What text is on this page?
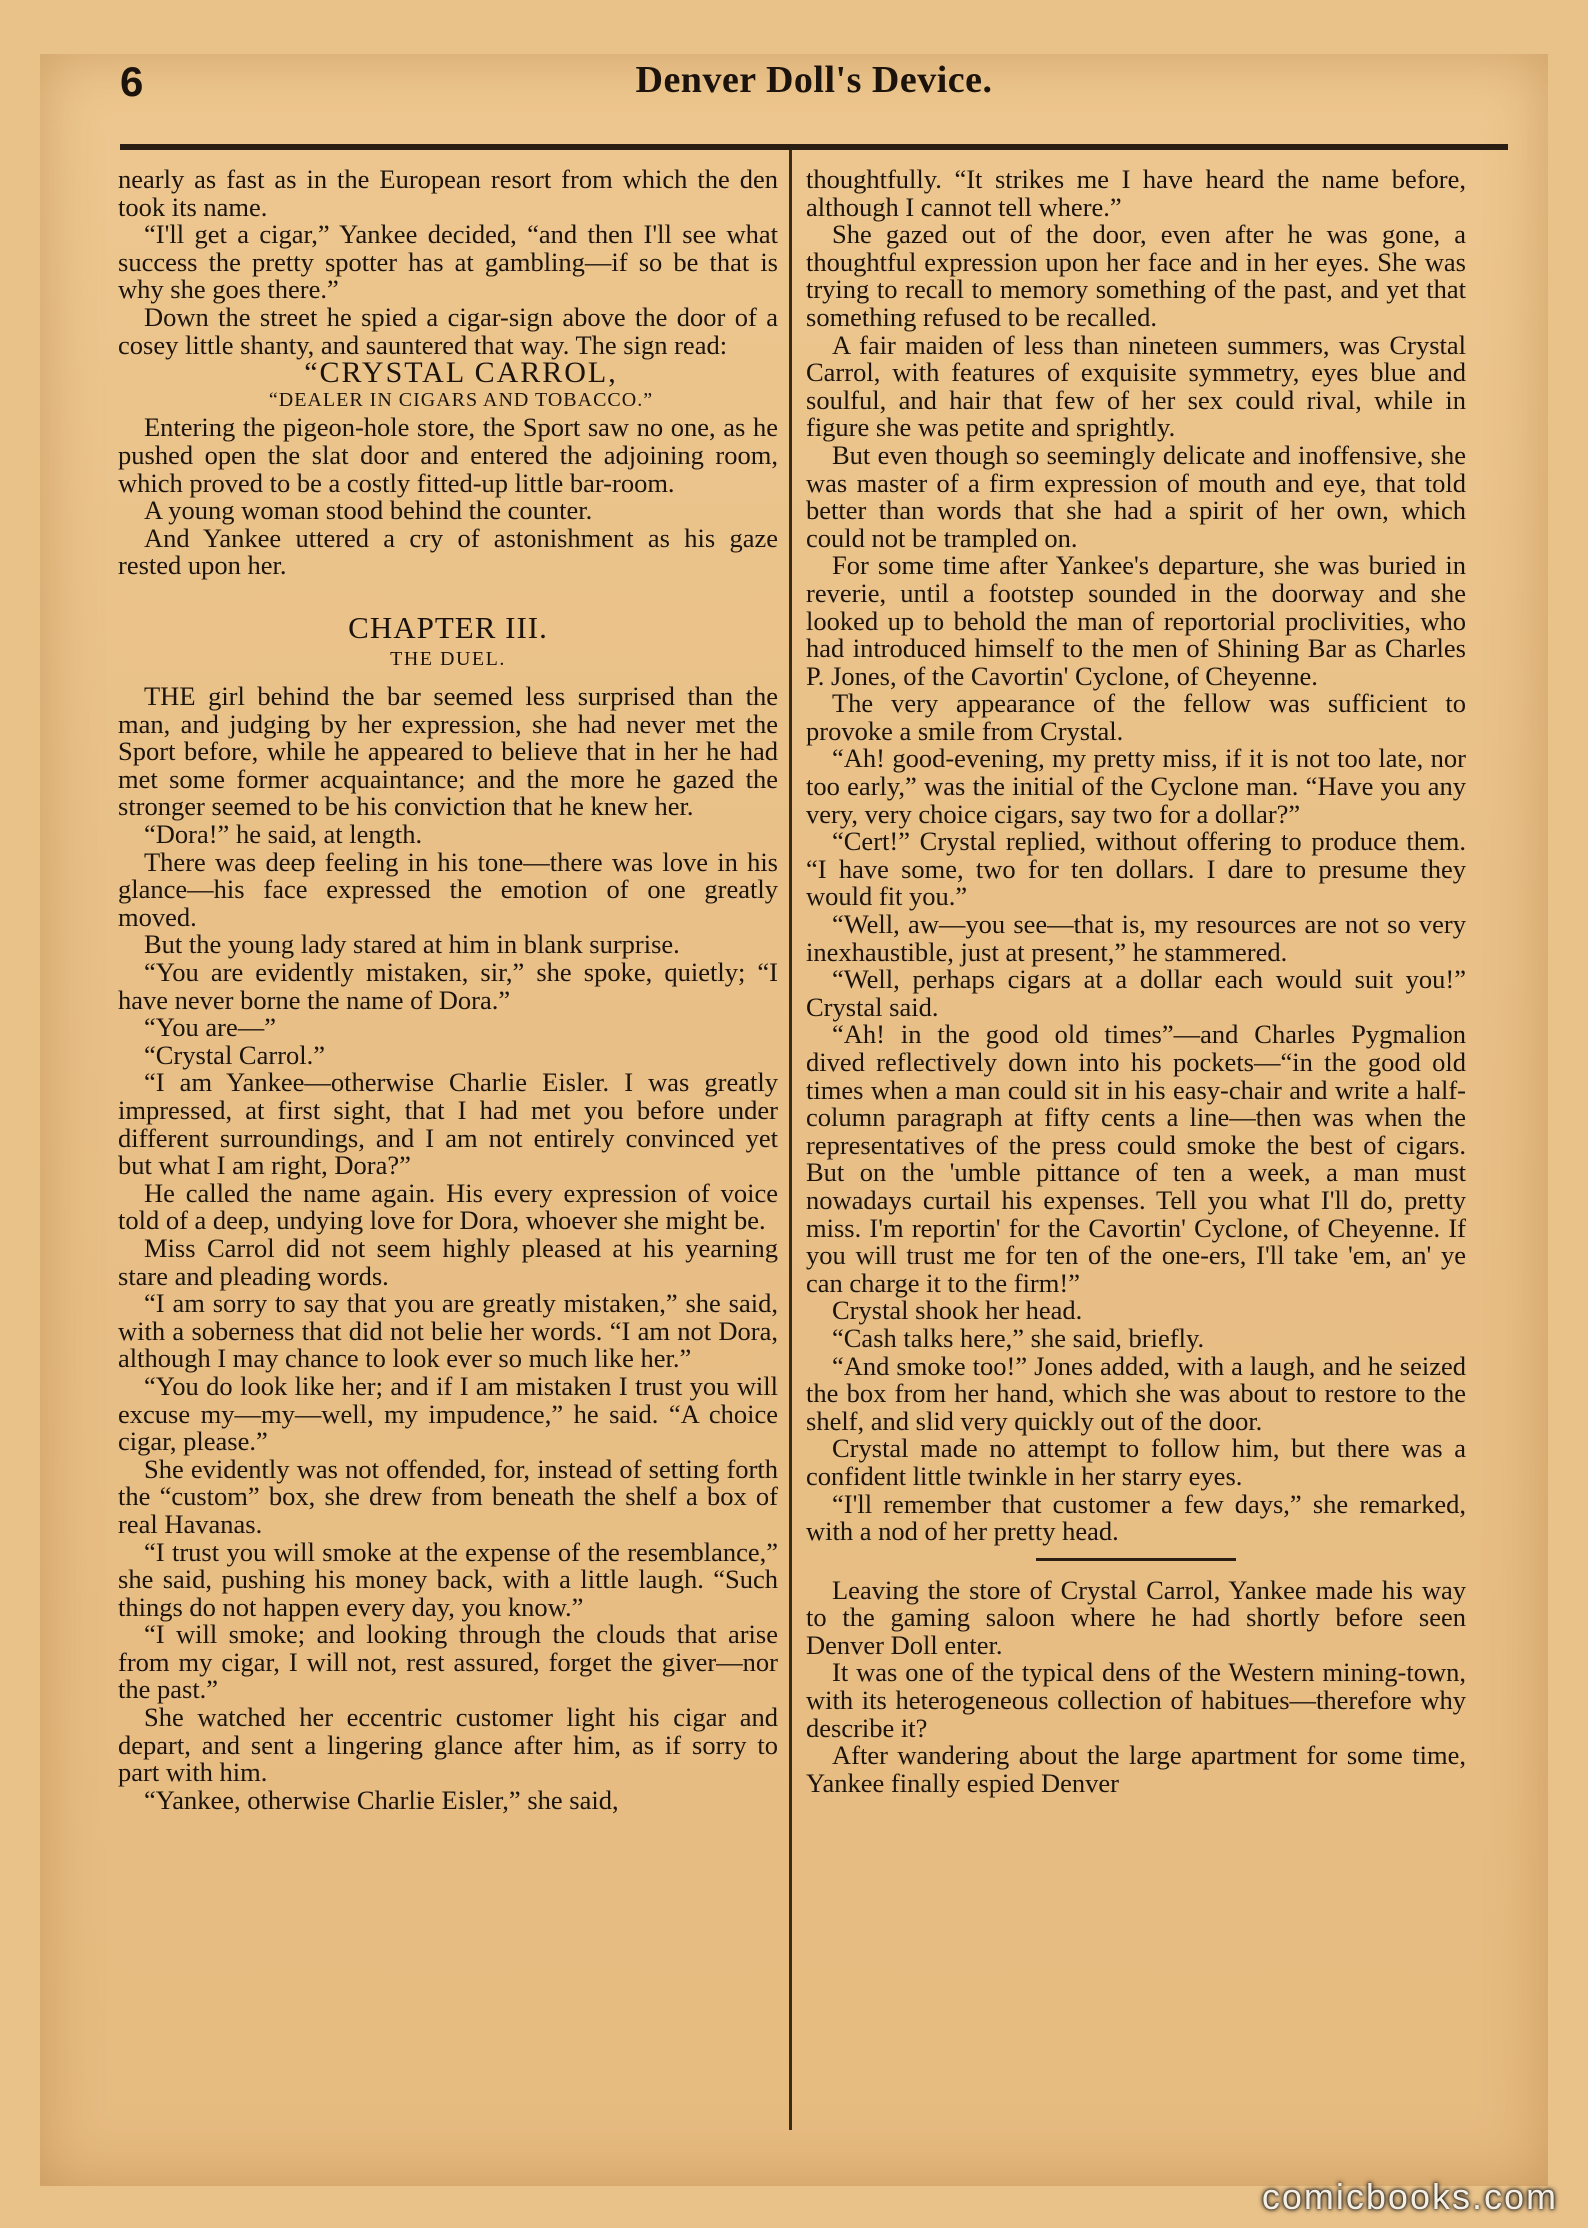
6	Denver Doll's Device.

nearly as fast as in the European resort from which the den took its name.

“I'll get a cigar,” Yankee decided, “and then I'll see what success the pretty spotter has at gambling—if so be that is why she goes there.”

Down the street he spied a cigar-sign above the door of a cosey little shanty, and sauntered that way. The sign read:

“CRYSTAL CARROL,

“DEALER IN CIGARS AND TOBACCO.”

Entering the pigeon-hole store, the Sport saw no one, as he pushed open the slat door and entered the adjoining room, which proved to be a costly fitted-up little bar-room.

A young woman stood behind the counter.

And Yankee uttered a cry of astonishment as his gaze rested upon her.

CHAPTER III.
THE DUEL.

THE girl behind the bar seemed less surprised than the man, and judging by her expression, she had never met the Sport before, while he appeared to believe that in her he had met some former acquaintance; and the more he gazed the stronger seemed to be his conviction that he knew her.

“Dora!” he said, at length.

There was deep feeling in his tone—there was love in his glance—his face expressed the emotion of one greatly moved.

But the young lady stared at him in blank surprise.

“You are evidently mistaken, sir,” she spoke, quietly; “I have never borne the name of Dora.”

“You are—”

“Crystal Carrol.”

“I am Yankee—otherwise Charlie Eisler. I was greatly impressed, at first sight, that I had met you before under different surroundings, and I am not entirely convinced yet but what I am right, Dora?”

He called the name again. His every expression of voice told of a deep, undying love for Dora, whoever she might be.

Miss Carrol did not seem highly pleased at his yearning stare and pleading words.

“I am sorry to say that you are greatly mistaken,” she said, with a soberness that did not belie her words. “I am not Dora, although I may chance to look ever so much like her.”

“You do look like her; and if I am mistaken I trust you will excuse my—my—well, my impudence,” he said. “A choice cigar, please.”

She evidently was not offended, for, instead of setting forth the “custom” box, she drew from beneath the shelf a box of real Havanas.

“I trust you will smoke at the expense of the resemblance,” she said, pushing his money back, with a little laugh. “Such things do not happen every day, you know.”

“I will smoke; and looking through the clouds that arise from my cigar, I will not, rest assured, forget the giver—nor the past.”

She watched her eccentric customer light his cigar and depart, and sent a lingering glance after him, as if sorry to part with him.

“Yankee, otherwise Charlie Eisler,” she said,

thoughtfully. “It strikes me I have heard the name before, although I cannot tell where.”

She gazed out of the door, even after he was gone, a thoughtful expression upon her face and in her eyes. She was trying to recall to memory something of the past, and yet that something refused to be recalled.

A fair maiden of less than nineteen summers, was Crystal Carrol, with features of exquisite symmetry, eyes blue and soulful, and hair that few of her sex could rival, while in figure she was petite and sprightly.

But even though so seemingly delicate and inoffensive, she was master of a firm expression of mouth and eye, that told better than words that she had a spirit of her own, which could not be trampled on.

For some time after Yankee's departure, she was buried in reverie, until a footstep sounded in the doorway and she looked up to behold the man of reportorial proclivities, who had introduced himself to the men of Shining Bar as Charles P. Jones, of the Cavortin' Cyclone, of Cheyenne.

The very appearance of the fellow was sufficient to provoke a smile from Crystal.

“Ah! good-evening, my pretty miss, if it is not too late, nor too early,” was the initial of the Cyclone man. “Have you any very, very choice cigars, say two for a dollar?”

“Cert!” Crystal replied, without offering to produce them. “I have some, two for ten dollars. I dare to presume they would fit you.”

“Well, aw—you see—that is, my resources are not so very inexhaustible, just at present,” he stammered.

“Well, perhaps cigars at a dollar each would suit you!” Crystal said.

“Ah! in the good old times”—and Charles Pygmalion dived reflectively down into his pockets—“in the good old times when a man could sit in his easy-chair and write a half-column paragraph at fifty cents a line—then was when the representatives of the press could smoke the best of cigars. But on the 'umble pittance of ten a week, a man must nowadays curtail his expenses. Tell you what I'll do, pretty miss. I'm reportin' for the Cavortin' Cyclone, of Cheyenne. If you will trust me for ten of the one-ers, I'll take 'em, an' ye can charge it to the firm!”

Crystal shook her head.

“Cash talks here,” she said, briefly.

“And smoke too!” Jones added, with a laugh, and he seized the box from her hand, which she was about to restore to the shelf, and slid very quickly out of the door.

Crystal made no attempt to follow him, but there was a confident little twinkle in her starry eyes.

“I'll remember that customer a few days,” she remarked, with a nod of her pretty head.

Leaving the store of Crystal Carrol, Yankee made his way to the gaming saloon where he had shortly before seen Denver Doll enter.

It was one of the typical dens of the Western mining-town, with its heterogeneous collection of habitues—therefore why describe it?

After wandering about the large apartment for some time, Yankee finally espied Denver

comicbooks.com
